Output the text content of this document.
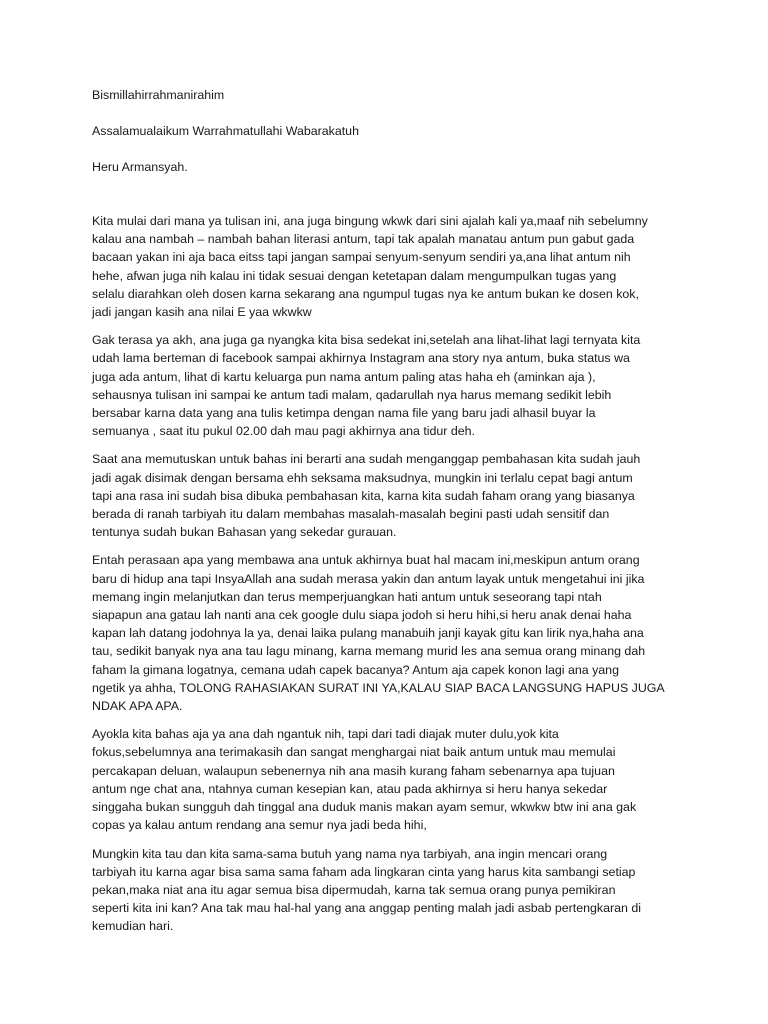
Bismillahirrahmanirahim
Assalamualaikum Warrahmatullahi Wabarakatuh
Heru Armansyah.
Kita mulai dari mana ya tulisan ini, ana juga bingung wkwk dari sini ajalah kali ya,maaf nih sebelumny
kalau ana nambah – nambah bahan literasi antum, tapi tak apalah manatau antum pun gabut gada
bacaan yakan ini aja baca eitss tapi jangan sampai senyum-senyum sendiri ya,ana lihat antum nih
hehe, afwan juga nih kalau ini tidak sesuai dengan ketetapan dalam mengumpulkan tugas yang
selalu diarahkan oleh dosen karna sekarang ana ngumpul tugas nya ke antum bukan ke dosen kok,
jadi jangan kasih ana nilai E yaa wkwkw
Gak terasa ya akh, ana juga ga nyangka kita bisa sedekat ini,setelah ana lihat-lihat lagi ternyata kita
udah lama berteman di facebook sampai akhirnya Instagram ana story nya antum, buka status wa
juga ada antum, lihat di kartu keluarga pun nama antum paling atas haha eh (aminkan aja ),
sehausnya tulisan ini sampai ke antum tadi malam, qadarullah nya harus memang sedikit lebih
bersabar karna data yang ana tulis ketimpa dengan nama file yang baru jadi alhasil buyar la
semuanya , saat itu pukul 02.00 dah mau pagi akhirnya ana tidur deh.
Saat ana memutuskan untuk bahas ini berarti ana sudah menganggap pembahasan kita sudah jauh
jadi agak disimak dengan bersama ehh seksama maksudnya, mungkin ini terlalu cepat bagi antum
tapi ana rasa ini sudah bisa dibuka pembahasan kita, karna kita sudah faham orang yang biasanya
berada di ranah tarbiyah itu dalam membahas masalah-masalah begini pasti udah sensitif dan
tentunya sudah bukan Bahasan yang sekedar gurauan.
Entah perasaan apa yang membawa ana untuk akhirnya buat hal macam ini,meskipun antum orang
baru di hidup ana tapi InsyaAllah ana sudah merasa yakin dan antum layak untuk mengetahui ini jika
memang ingin melanjutkan dan terus memperjuangkan hati antum untuk seseorang tapi ntah
siapapun ana gatau lah nanti ana cek google dulu siapa jodoh si heru hihi,si heru anak denai haha
kapan lah datang jodohnya la ya, denai laika pulang manabuih janji kayak gitu kan lirik nya,haha ana
tau, sedikit banyak nya ana tau lagu minang, karna memang murid les ana semua orang minang dah
faham la gimana logatnya, cemana udah capek bacanya? Antum aja capek konon lagi ana yang
ngetik ya ahha, TOLONG RAHASIAKAN SURAT INI YA,KALAU SIAP BACA LANGSUNG HAPUS JUGA
NDAK APA APA.
Ayokla kita bahas aja ya ana dah ngantuk nih, tapi dari tadi diajak muter dulu,yok kita
fokus,sebelumnya ana terimakasih dan sangat menghargai niat baik antum untuk mau memulai
percakapan deluan, walaupun sebenernya nih ana masih kurang faham sebenarnya apa tujuan
antum nge chat ana, ntahnya cuman kesepian kan, atau pada akhirnya si heru hanya sekedar
singgaha bukan sungguh dah tinggal ana duduk manis makan ayam semur, wkwkw btw ini ana gak
copas ya kalau antum rendang ana semur nya jadi beda hihi,
Mungkin kita tau dan kita sama-sama butuh yang nama nya tarbiyah, ana ingin mencari orang
tarbiyah itu karna agar bisa sama sama faham ada lingkaran cinta yang harus kita sambangi setiap
pekan,maka niat ana itu agar semua bisa dipermudah, karna tak semua orang punya pemikiran
seperti kita ini kan? Ana tak mau hal-hal yang ana anggap penting malah jadi asbab pertengkaran di
kemudian hari.
